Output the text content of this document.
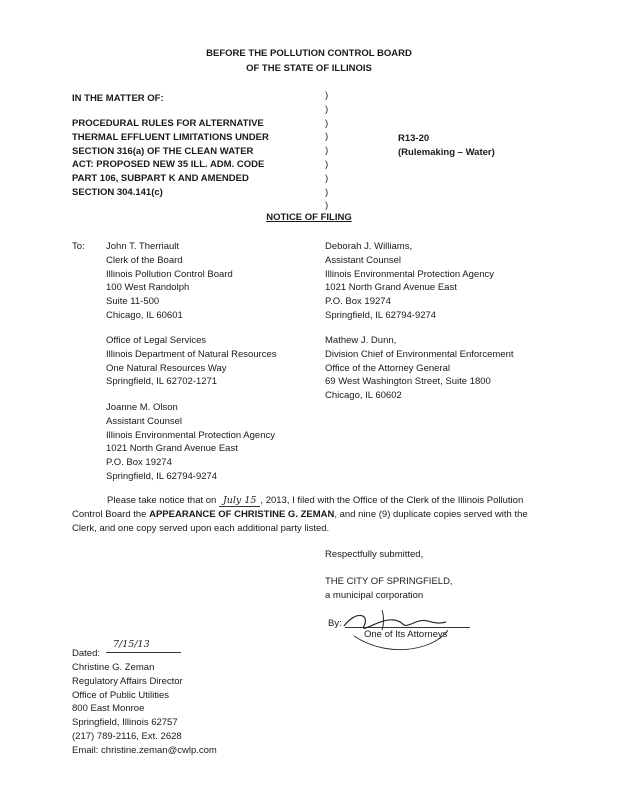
BEFORE THE POLLUTION CONTROL BOARD
OF THE STATE OF ILLINOIS
IN THE MATTER OF:
PROCEDURAL RULES FOR ALTERNATIVE
THERMAL EFFLUENT LIMITATIONS UNDER
SECTION 316(a) OF THE CLEAN WATER
ACT: PROPOSED NEW 35 ILL. ADM. CODE
PART 106, SUBPART K AND AMENDED
SECTION 304.141(c)
)
)
)
)
)
)
)
)
)
R13-20
(Rulemaking – Water)
NOTICE OF FILING
To: John T. Therriault
Clerk of the Board
Illinois Pollution Control Board
100 West Randolph
Suite 11-500
Chicago, IL 60601
Deborah J. Williams,
Assistant Counsel
Illinois Environmental Protection Agency
1021 North Grand Avenue East
P.O. Box 19274
Springfield, IL 62794-9274
Office of Legal Services
Illinois Department of Natural Resources
One Natural Resources Way
Springfield, IL 62702-1271
Mathew J. Dunn,
Division Chief of Environmental Enforcement
Office of the Attorney General
69 West Washington Street, Suite 1800
Chicago, IL 60602
Joanne M. Olson
Assistant Counsel
Illinois Environmental Protection Agency
1021 North Grand Avenue East
P.O. Box 19274
Springfield, IL 62794-9274
Please take notice that on July 15 , 2013, I filed with the Office of the Clerk of the Illinois Pollution Control Board the APPEARANCE OF CHRISTINE G. ZEMAN, and nine (9) duplicate copies served with the Clerk, and one copy served upon each additional party listed.
Respectfully submitted,
THE CITY OF SPRINGFIELD,
a municipal corporation
By:
One of Its Attorneys
Dated:
7/15/13
Christine G. Zeman
Regulatory Affairs Director
Office of Public Utilities
800 East Monroe
Springfield, Illinois 62757
(217) 789-2116, Ext. 2628
Email: christine.zeman@cwlp.com
